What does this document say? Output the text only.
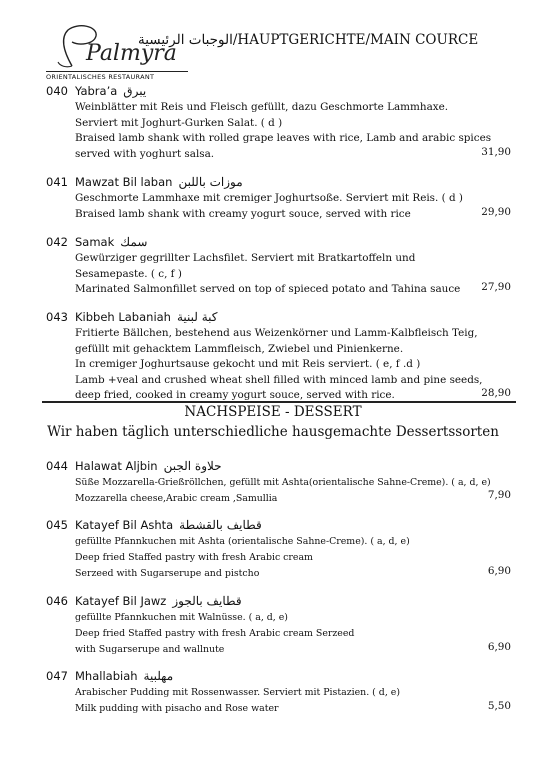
Palmyra
ORIENTALISCHES RESTAURANT
الوجبات الرئيسية/HAUPTGERICHTE/MAIN COURCE
040 Yabra’a يبرق
Weinblätter mit Reis und Fleisch gefüllt, dazu Geschmorte Lammhaxe.
Serviert mit Joghurt-Gurken Salat. ( d )
Braised lamb shank with rolled grape leaves with rice, Lamb and arabic spices
served with yoghurt salsa.	31,90
041 Mawzat Bil laban موزات باللبن
Geschmorte Lammhaxe mit cremiger Joghurtsoße. Serviert mit Reis. ( d )
Braised lamb shank with creamy yogurt souce, served with rice	29,90
042 Samak سمك
Gewürziger gegrillter Lachsfilet. Serviert mit Bratkartoffeln und
Sesamepaste. ( c, f )
Marinated Salmonfillet served on top of spieced potato and Tahina sauce	27,90
043 Kibbeh Labaniah كبة لبنية
Fritierte Bällchen, bestehend aus Weizenkörner und Lamm-Kalbfleisch Teig,
gefüllt mit gehacktem Lammfleisch, Zwiebel und Pinienkerne.
In cremiger Joghurtsause gekocht und mit Reis serviert. ( e, f .d )
Lamb +veal and crushed wheat shell filled with minced lamb and pine seeds,
deep fried, cooked in creamy yogurt souce, served with rice.	28,90
NACHSPEISE - DESSERT
Wir haben täglich unterschiedliche hausgemachte Dessertssorten
044 Halawat Aljbin حلاوة الجبن
Süße Mozzarella-Grießröllchen, gefüllt mit Ashta(orientalische Sahne-Creme). ( a, d, e)
Mozzarella cheese,Arabic cream ,Samullia	7,90
045 Katayef Bil Ashta قطايف بالقشطة
gefüllte Pfannkuchen mit Ashta (orientalische Sahne-Creme). ( a, d, e)
Deep fried Staffed pastry with fresh Arabic cream
Serzeed with Sugarserupe and pistcho	6,90
046 Katayef Bil Jawz قطايف بالجوز
gefüllte Pfannkuchen mit Walnüsse. ( a, d, e)
Deep fried Staffed pastry with fresh Arabic cream Serzeed
with Sugarserupe and wallnute	6,90
047 Mhallabiah مهلبية
Arabischer Pudding mit Rossenwasser. Serviert mit Pistazien. ( d, e)
Milk pudding with pisacho and Rose water	5,50
